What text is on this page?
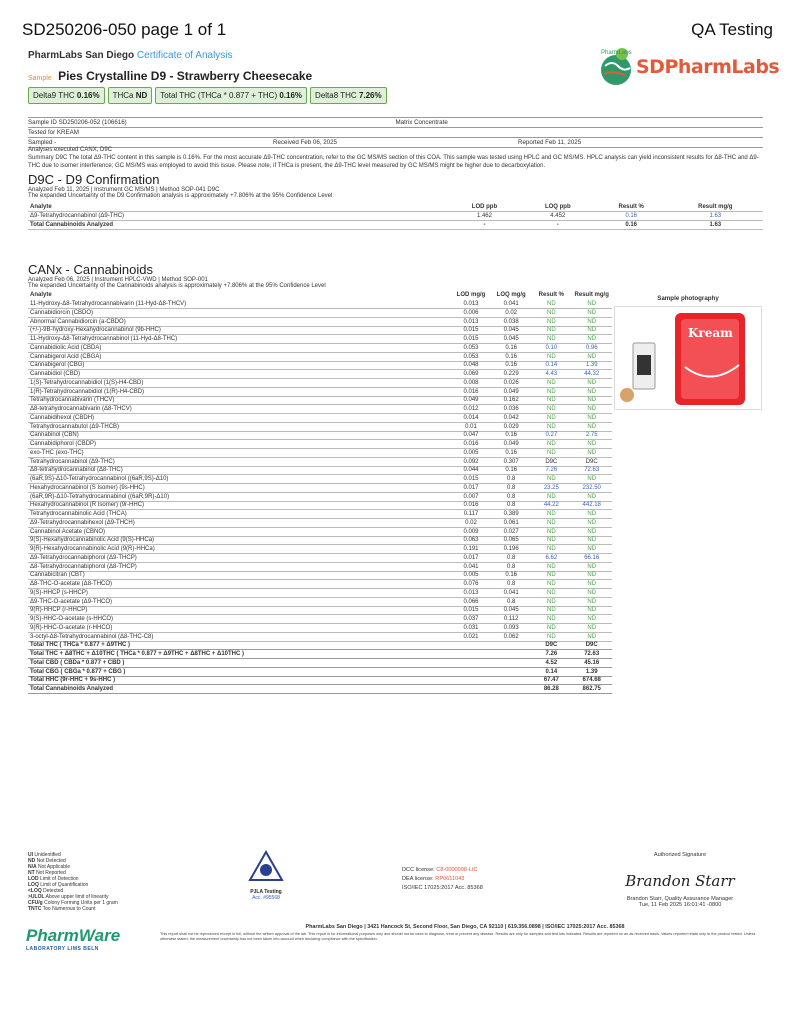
SD250206-050 page 1 of 1	QA Testing
PharmLabs San Diego Certificate of Analysis
Sample Pies Crystalline D9 - Strawberry Cheesecake
Delta9 THC 0.16%	THCa ND	Total THC (THCa * 0.877 + THC) 0.16%	Delta8 THC 7.26%
PharmLabs
SDPharmLabs
Sample ID SD250206-052 (106616)	Matrix Concentrate
Tested for KREAM
Sampled -	Received Feb 06, 2025	Reported Feb 11, 2025
Analyses executed CANX, D9C
Summary D9C The total Δ9-THC content in this sample is 0.16%. For the most accurate Δ9-THC concentration, refer to the GC MS/MS section of this COA. This sample was tested using HPLC and GC MS/MS. HPLC analysis can yield inconsistent results for Δ8-THC and Δ9-THC due to isomer interference; GC MS/MS was employed to avoid this issue. Please note, if THCa is present, the Δ9-THC level measured by GC MS/MS might be higher due to decarboxylation.
D9C - D9 Confirmation
Analyzed Feb 11, 2025 | Instrument GC MS/MS | Method SOP-041 D9C
The expanded Uncertainty of the D9 Confirmation analysis is approximately +7.806% at the 95% Confidence Level
Analyte	LOD ppb	LOQ ppb	Result %	Result mg/g
Δ9-Tetrahydrocannabinol (Δ9-THC)	1.462	4.452	0.16	1.63
Total Cannabinoids Analyzed	-	-	0.16	1.63
CANx - Cannabinoids
Analyzed Feb 06, 2025 | Instrument HPLC-VWD | Method SOP-001
The expanded Uncertainty of the Cannabinoids analysis is approximately +7.806% at the 95% Confidence Level
Analyte	LOD mg/g	LOQ mg/g	Result %	Result mg/g
11-Hydroxy-Δ8-Tetrahydrocannabivarin (11-Hyd-Δ8-THCV)	0.013	0.041	ND	ND
Cannabidiorcin (CBDO)	0.006	0.02	ND	ND
Abnormal Cannabidiorcin (a-CBDO)	0.013	0.038	ND	ND
(+/-)-9B-hydroxy-Hexahydrocannabinol (9b-HHC)	0.015	0.045	ND	ND
11-Hydroxy-Δ8-Tetrahydrocannabinol (11-Hyd-Δ8-THC)	0.015	0.045	ND	ND
Cannabidiolic Acid (CBDA)	0.053	0.16	0.10	0.96
Cannabigerol Acid (CBGA)	0.053	0.16	ND	ND
Cannabigerol (CBG)	0.048	0.16	0.14	1.39
Cannabidiol (CBD)	0.069	0.229	4.43	44.32
1(S)-Tetrahydrocannabidiol (1(S)-H4-CBD)	0.008	0.026	ND	ND
1(R)-Tetrahydrocannabidiol (1(R)-H4-CBD)	0.016	0.049	ND	ND
Tetrahydrocannabivarin (THCV)	0.049	0.162	ND	ND
Δ8-tetrahydrocannabivarin (Δ8-THCV)	0.012	0.036	ND	ND
Cannabidihexol (CBDH)	0.014	0.042	ND	ND
Tetrahydrocannabutol (Δ9-THCB)	0.01	0.029	ND	ND
Cannabinol (CBN)	0.047	0.16	0.27	2.75
Cannabidiphorol (CBDP)	0.016	0.049	ND	ND
exo-THC (exo-THC)	0.005	0.16	ND	ND
Tetrahydrocannabinol (Δ9-THC)	0.092	0.307	D9C	D9C
Δ8-tetrahydrocannabinol (Δ8-THC)	0.044	0.16	7.26	72.63
(6aR,9S)-Δ10-Tetrahydrocannabinol ((6aR,9S)-Δ10)	0.015	0.8	ND	ND
Hexahydrocannabinol (S Isomer) (9s-HHC)	0.017	0.8	23.25	232.50
(6aR,9R)-Δ10-Tetrahydrocannabinol ((6aR,9R)-Δ10)	0.007	0.8	ND	ND
Hexahydrocannabinol (R Isomer) (9r-HHC)	0.016	0.8	44.22	442.18
Tetrahydrocannabinolic Acid (THCA)	0.117	0.389	ND	ND
Δ9-Tetrahydrocannabihexol (Δ9-THCH)	0.02	0.061	ND	ND
Cannabinol Acetate (CBNO)	0.009	0.027	ND	ND
9(S)-Hexahydrocannabinolic Acid (9(S)-HHCa)	0.063	0.065	ND	ND
9(R)-Hexahydrocannabinolic Acid (9(R)-HHCa)	0.191	0.196	ND	ND
Δ9-Tetrahydrocannabiphorol (Δ9-THCP)	0.017	0.8	6.62	66.16
Δ8-Tetrahydrocannabiphorol (Δ8-THCP)	0.041	0.8	ND	ND
Cannabicitran (CBT)	0.005	0.16	ND	ND
Δ8-THC-O-acetate (Δ8-THCO)	0.076	0.8	ND	ND
9(S)-HHCP (s-HHCP)	0.013	0.041	ND	ND
Δ9-THC-O-acetate (Δ9-THCO)	0.066	0.8	ND	ND
9(R)-HHCP (r-HHCP)	0.015	0.045	ND	ND
9(S)-HHC-O-acetate (s-HHCO)	0.037	0.112	ND	ND
9(R)-HHC-O-acetate (r-HHCO)	0.031	0.093	ND	ND
3-octyl-Δ8-Tetrahydrocannabinol (Δ8-THC-C8)	0.021	0.062	ND	ND
Total THC ( THCa * 0.877 + Δ9THC )			D9C	D9C
Total THC + Δ8THC + Δ10THC ( THCa * 0.877 + Δ9THC + Δ8THC + Δ10THC )			7.26	72.63
Total CBD ( CBDa * 0.877 + CBD )			4.52	45.16
Total CBG ( CBGa * 0.877 + CBG )			0.14	1.39
Total HHC (9r-HHC + 9s-HHC )			67.47	674.68
Total Cannabinoids Analyzed			86.28	862.75
Sample photography
Kream
UI Unidentified
ND Not Detected
N/A Not Applicable
NT Not Reported
LOD Limit of Detection
LOQ Limit of Quantification
<LOQ Detected
>ULOL Above upper limit of linearity
CFU/g Colony Forming Units per 1 gram
TNTC Too Numerous to Count
PJLA Testing
Acc. #95568
DCC license: C8-0000098-LIC
DEA license: RP0611043
ISO/IEC 17025:2017 Acc. 85368
Authorized Signature
Brandon Starr
Brandon Starr, Quality Assurance Manager
Tue, 11 Feb 2025 16:01:41 -0800
PharmWare
LABORATORY LIMS BELN
PharmLabs San Diego | 3421 Hancock St, Second Floor, San Diego, CA 92110 | 619.356.0898 | ISO/IEC 17025:2017 Acc. 85368
This report shall not be reproduced except in full, without the written approval of the lab. This report is for informational purposes only and should not be used to diagnose, treat or prevent any disease. Results are only for samples and test lots indicated. Results are reported on an as-received basis. Values reported relate only to the product tested. Unless otherwise stated, the measurement uncertainty has not been taken into account when declaring compliance with the specification.
